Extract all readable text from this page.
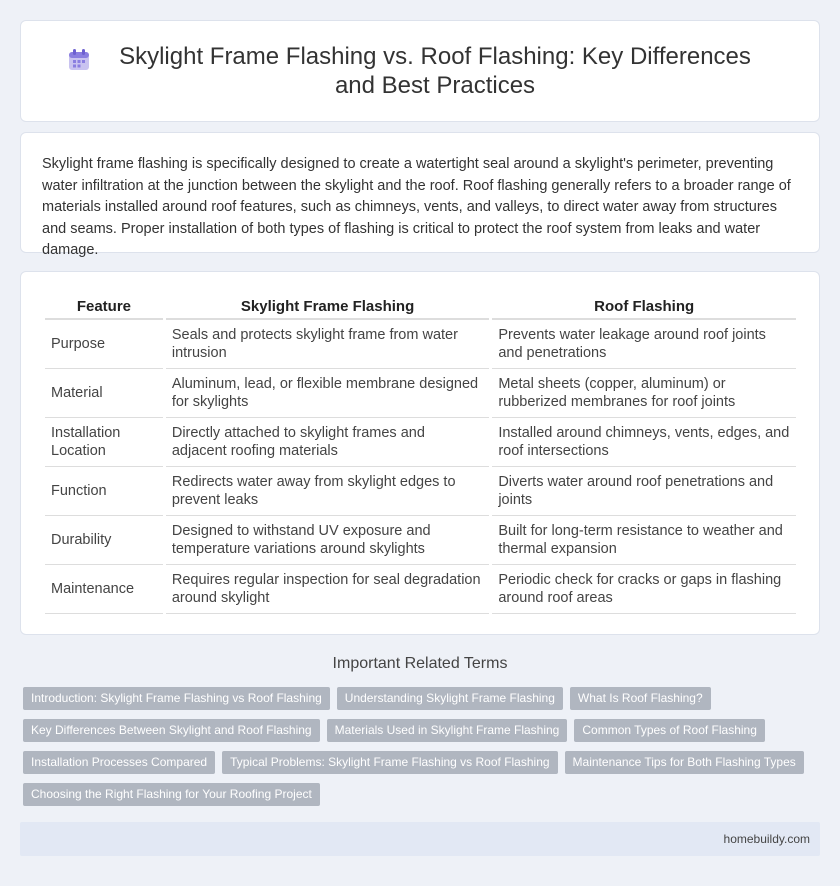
Skylight Frame Flashing vs. Roof Flashing: Key Differences and Best Practices

Skylight frame flashing is specifically designed to create a watertight seal around a skylight's perimeter, preventing water infiltration at the junction between the skylight and the roof. Roof flashing generally refers to a broader range of materials installed around roof features, such as chimneys, vents, and valleys, to direct water away from structures and seams. Proper installation of both types of flashing is critical to protect the roof system from leaks and water damage.

Feature	Skylight Frame Flashing	Roof Flashing
Purpose	Seals and protects skylight frame from water intrusion	Prevents water leakage around roof joints and penetrations
Material	Aluminum, lead, or flexible membrane designed for skylights	Metal sheets (copper, aluminum) or rubberized membranes for roof joints
Installation Location	Directly attached to skylight frames and adjacent roofing materials	Installed around chimneys, vents, edges, and roof intersections
Function	Redirects water away from skylight edges to prevent leaks	Diverts water around roof penetrations and joints
Durability	Designed to withstand UV exposure and temperature variations around skylights	Built for long-term resistance to weather and thermal expansion
Maintenance	Requires regular inspection for seal degradation around skylight	Periodic check for cracks or gaps in flashing around roof areas
Important Related Terms
Introduction: Skylight Frame Flashing vs Roof Flashing	Understanding Skylight Frame Flashing	What Is Roof Flashing?
Key Differences Between Skylight and Roof Flashing	Materials Used in Skylight Frame Flashing	Common Types of Roof Flashing
Installation Processes Compared	Typical Problems: Skylight Frame Flashing vs Roof Flashing	Maintenance Tips for Both Flashing Types
Choosing the Right Flashing for Your Roofing Project
homebuildy.com
